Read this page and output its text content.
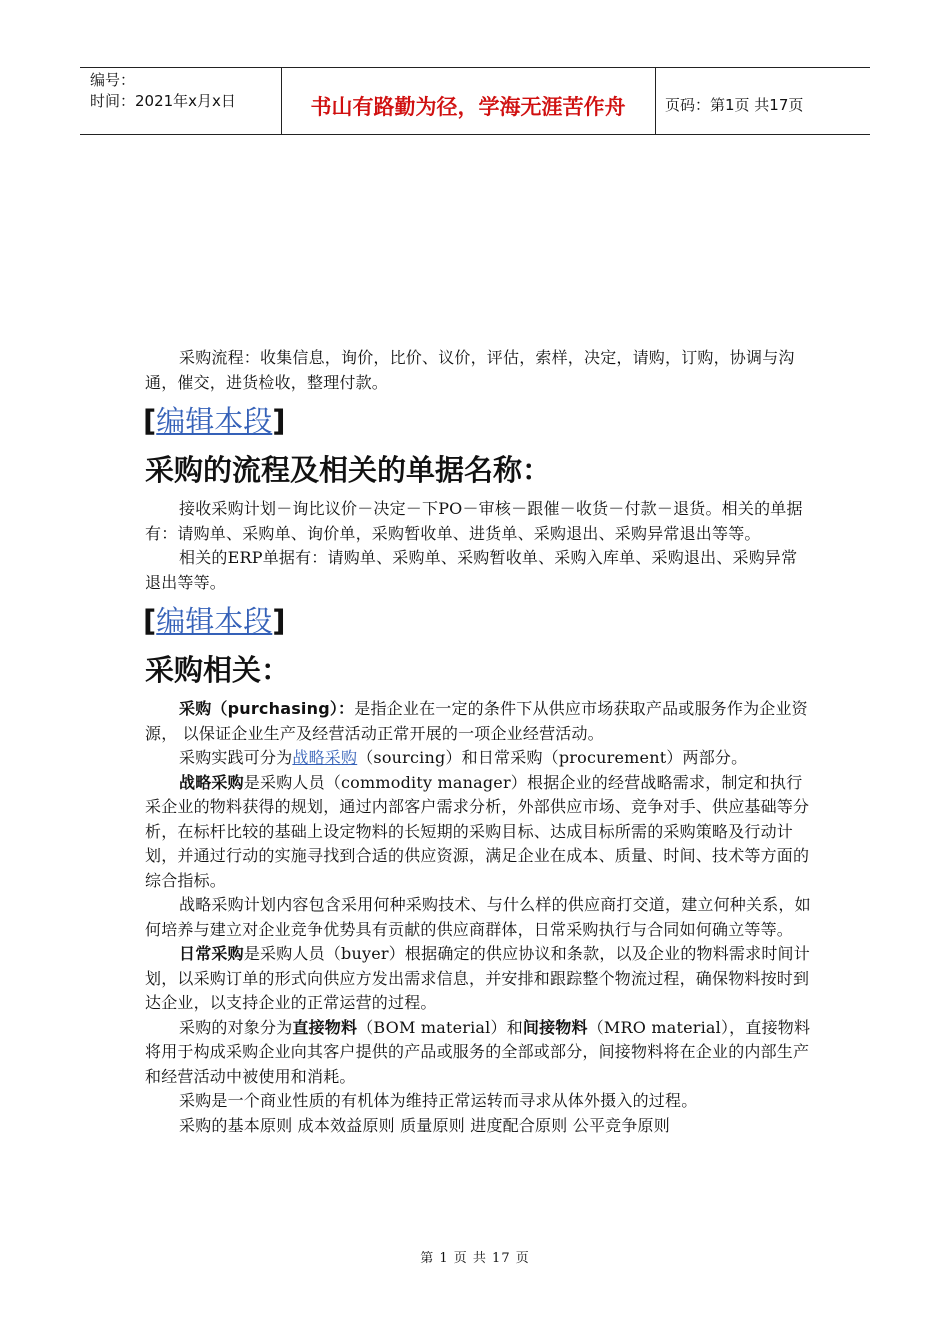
编号：
时间：2021年x月x日	书山有路勤为径，学海无涯苦作舟	页码：第1页 共17页

采购流程：收集信息，询价，比价、议价，评估，索样，决定，请购，订购，协调与沟通，催交，进货检收，整理付款。

[编辑本段]
采购的流程及相关的单据名称：

接收采购计划－询比议价－决定－下PO－审核－跟催－收货－付款－退货。相关的单据有：请购单、采购单、询价单，采购暂收单、进货单、采购退出、采购异常退出等等。

相关的ERP单据有：请购单、采购单、采购暂收单、采购入库单、采购退出、采购异常退出等等。

[编辑本段]
采购相关：

采购（purchasing）：是指企业在一定的条件下从供应市场获取产品或服务作为企业资源， 以保证企业生产及经营活动正常开展的一项企业经营活动。

采购实践可分为战略采购（sourcing）和日常采购（procurement）两部分。

战略采购是采购人员（commodity manager）根据企业的经营战略需求，制定和执行采企业的物料获得的规划，通过内部客户需求分析，外部供应市场、竞争对手、供应基础等分析，在标杆比较的基础上设定物料的长短期的采购目标、达成目标所需的采购策略及行动计划，并通过行动的实施寻找到合适的供应资源，满足企业在成本、质量、时间、技术等方面的综合指标。

战略采购计划内容包含采用何种采购技术、与什么样的供应商打交道，建立何种关系，如何培养与建立对企业竞争优势具有贡献的供应商群体，日常采购执行与合同如何确立等等。

日常采购是采购人员（buyer）根据确定的供应协议和条款，以及企业的物料需求时间计划，以采购订单的形式向供应方发出需求信息，并安排和跟踪整个物流过程，确保物料按时到达企业，以支持企业的正常运营的过程。

采购的对象分为直接物料（BOM material）和间接物料（MRO material），直接物料将用于构成采购企业向其客户提供的产品或服务的全部或部分，间接物料将在企业的内部生产和经营活动中被使用和消耗。

采购是一个商业性质的有机体为维持正常运转而寻求从体外摄入的过程。

采购的基本原则 成本效益原则 质量原则 进度配合原则 公平竞争原则

第 1 页 共 17 页
